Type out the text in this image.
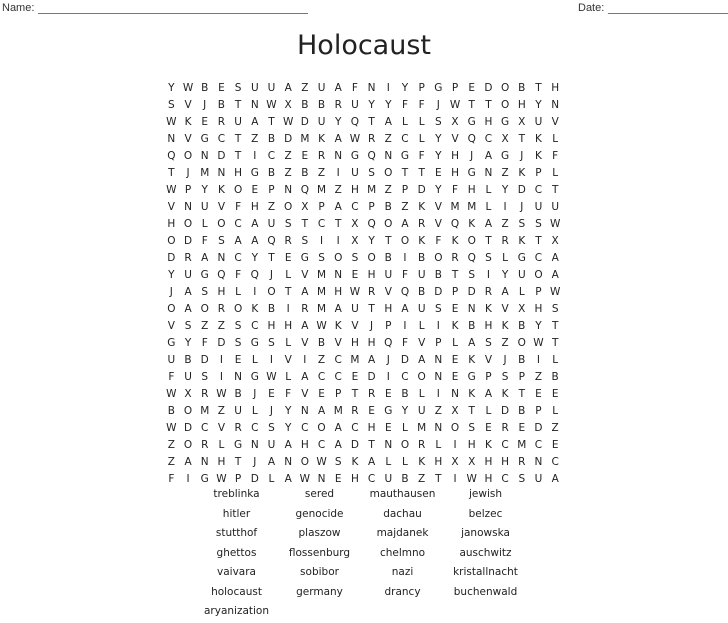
Name:	Date:
Holocaust
Y W B E S U U A Z U A F N	I	Y P G P E D O B T H
S V	J	B T N W X B B R U Y Y F	F	J W T T O H Y N
W K E R U A T W D U Y Q T A L	L S X G H G X U V
N V G C T Z B D M K A W R Z C L	Y V Q C X T K L
Q O N D T	I	C Z E R N G Q N G F Y H	J	A G	J	K F
T	J	M N H G B Z B Z	I	U S O T T E H G N Z K P	L
W P Y K O E P N Q M Z H M Z P D Y F H L	Y D C T
V N U V F H Z O X P A C P B Z K V M M L	I	J	U U
H O L O C A U S T C T X Q O A R V Q K A Z S S W
O D F S A A Q R S	I	I	X Y T O K F K O T R K T X
D R A N C Y T E G S O S O B	I	B O R Q S L G C A
Y U G Q F Q	J	L V M N E H U F U B T S	I	Y U O A
J	A S H L	I	O T A M H W R V Q B D P D R A L	P W
O A O R O K B	I	R M A U T H A U S E N K V X H S
V S Z Z S C H H A W K V	J	P	I	L	I	K B H K B Y T
G Y F D S G S L V B V H H Q F V P	L A S Z O W T
U B D	I	E L	I	V	I	Z C M A	J	D A N E K V	J	B	I	L
F U S	I	N G W L A C C E D	I	C O N E G P S P Z B
W X R W B	J	E F V E P T R E B L	I	N K A K T E E
B O M Z U L	J	Y N A M R E G Y U Z X T	L D B P	L
W D C V R C S Y C O A C H E L M N O S E R E D Z
Z O R L G N U A H C A D T N O R L	I	H K C M C E
Z A N H T	J	A N O W S K A L	L K H X X H H R N C
F	I	G W P D L A W N E H C U B Z T	I W H C S U A
treblinka	sered	mauthausen	jewish
hitler	genocide	dachau	belzec
stutthof	plaszow	majdanek	janowska
ghettos	flossenburg	chelmno	auschwitz
vaivara	sobibor	nazi	kristallnacht
holocaust	germany	drancy	buchenwald
aryanization
